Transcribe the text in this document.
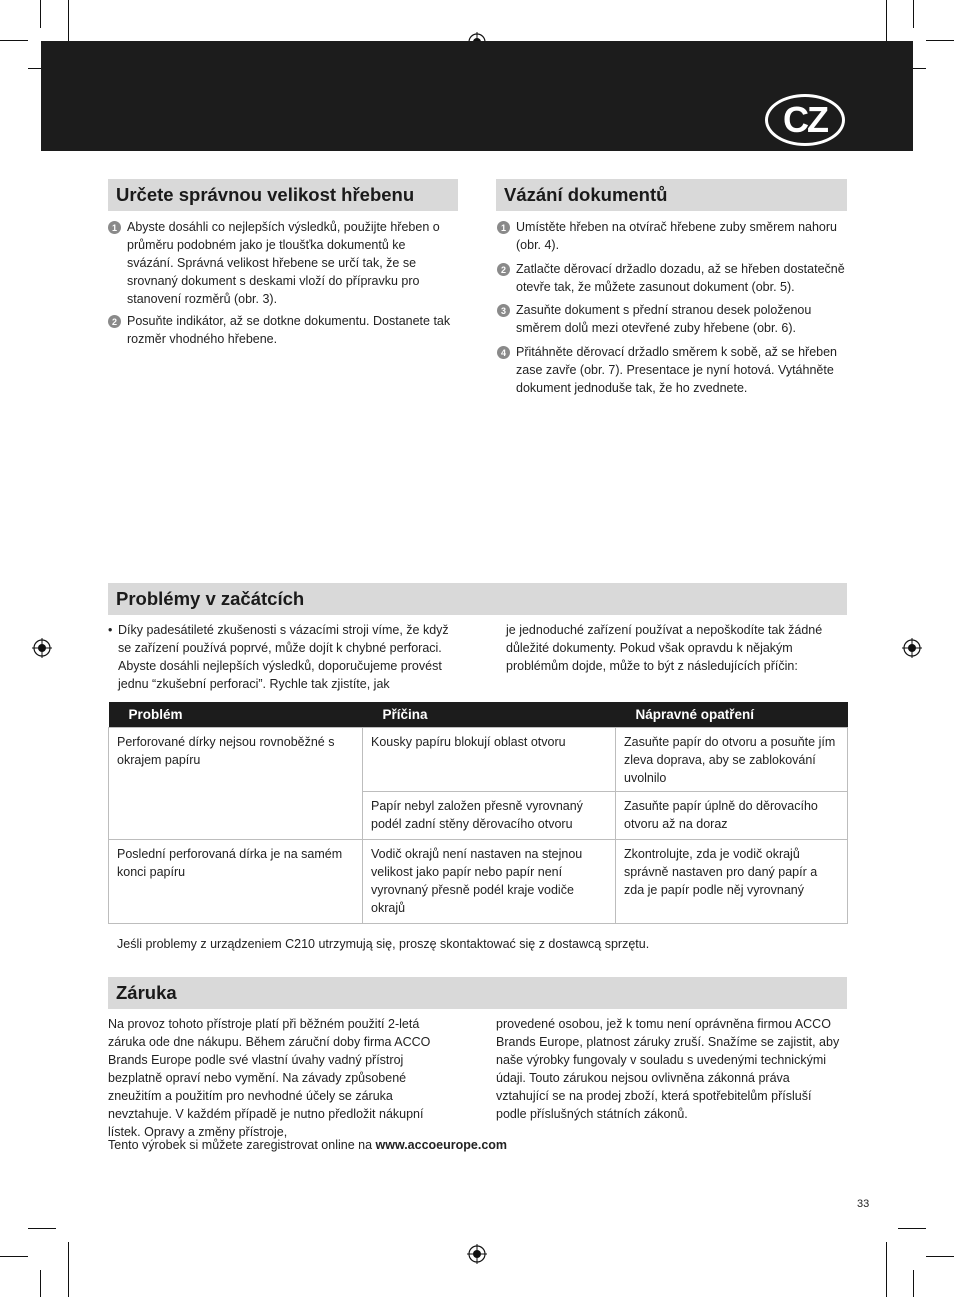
CZ
Určete správnou velikost hřebenu
1 Abyste dosáhli co nejlepších výsledků, použijte hřeben o průměru podobném jako je tloušťka dokumentů ke svázání. Správná velikost hřebene se určí tak, že se srovnaný dokument s deskami vloží do přípravku pro stanovení rozměrů (obr. 3).
2 Posuňte indikátor, až se dotkne dokumentu. Dostanete tak rozměr vhodného hřebene.
Vázání dokumentů
1 Umístěte hřeben na otvírač hřebene zuby směrem nahoru (obr. 4).
2 Zatlačte děrovací držadlo dozadu, až se hřeben dostatečně otevře tak, že můžete zasunout dokument (obr. 5).
3 Zasuňte dokument s přední stranou desek položenou směrem dolů mezi otevřené zuby hřebene (obr. 6).
4 Přitáhněte děrovací držadlo směrem k sobě, až se hřeben zase zavře (obr. 7). Presentace je nyní hotová. Vytáhněte dokument jednoduše tak, že ho zvednete.
Problémy v začátcích
• Díky padesátileté zkušenosti s vázacími stroji víme, že když se zařízení používá poprvé, může dojít k chybné perforaci. Abyste dosáhli nejlepších výsledků, doporučujeme provést jednu “zkušební perforaci”. Rychle tak zjistíte, jak
je jednoduché zařízení používat a nepoškodíte tak žádné důležité dokumenty. Pokud však opravdu k nějakým problémům dojde, může to být z následujících příčin:
Problém	Příčina	Nápravné opatření
Perforované dírky nejsou rovnoběžné s okrajem papíru	Kousky papíru blokují oblast otvoru	Zasuňte papír do otvoru a posuňte jím zleva doprava, aby se zablokování uvolnilo
	Papír nebyl založen přesně vyrovnaný podél zadní stěny děrovacího otvoru	Zasuňte papír úplně do děrovacího otvoru až na doraz
Poslední perforovaná dírka je na samém konci papíru	Vodič okrajů není nastaven na stejnou velikost jako papír nebo papír není vyrovnaný přesně podél kraje vodiče okrajů	Zkontrolujte, zda je vodič okrajů správně nastaven pro daný papír a zda je papír podle něj vyrovnaný
Jeśli problemy z urządzeniem C210 utrzymują się, proszę skontaktować się z dostawcą sprzętu.
Záruka
Na provoz tohoto přístroje platí při běžném použití 2-letá záruka ode dne nákupu. Během záruční doby firma ACCO Brands Europe podle své vlastní úvahy vadný přístroj bezplatně opraví nebo vymění. Na závady způsobené zneužitím a použitím pro nevhodné účely se záruka nevztahuje. V každém případě je nutno předložit nákupní lístek. Opravy a změny přístroje,
provedené osobou, jež k tomu není oprávněna firmou ACCO Brands Europe, platnost záruky zruší. Snažíme se zajistit, aby naše výrobky fungovaly v souladu s uvedenými technickými údaji. Touto zárukou nejsou ovlivněna zákonná práva vztahující se na prodej zboží, která spotřebitelům přísluší podle příslušných státních zákonů.
Tento výrobek si můžete zaregistrovat online na www.accoeurope.com
33
